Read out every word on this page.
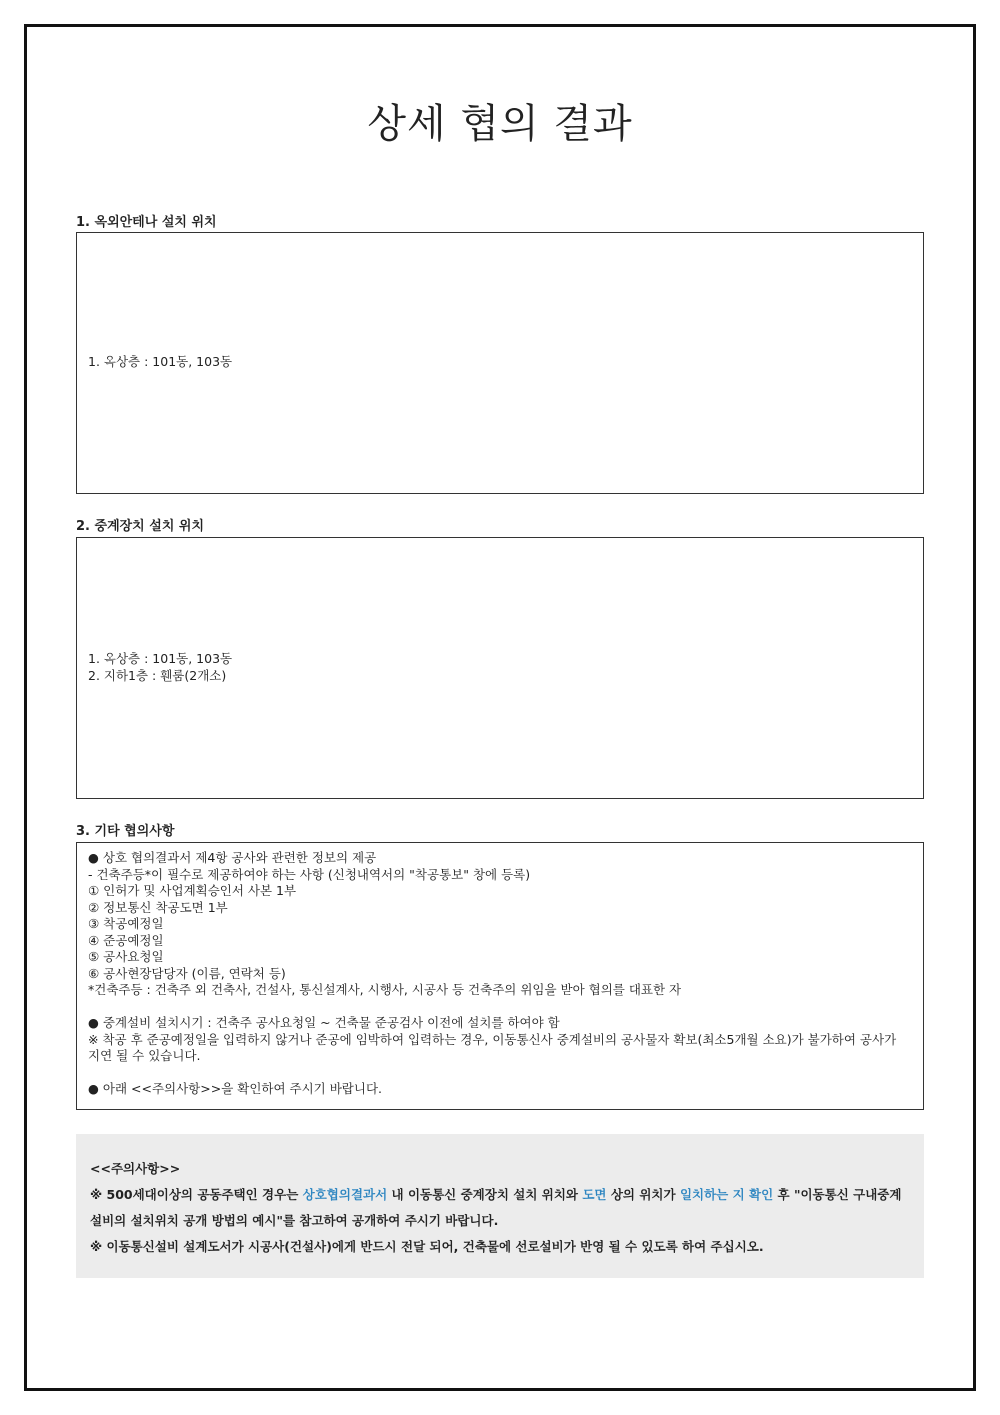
상세 협의 결과
1. 옥외안테나 설치 위치
1. 옥상층 : 101동, 103동
2. 중계장치 설치 위치
1. 옥상층 : 101동, 103동
2. 지하1층 : 휀룸(2개소)
3. 기타 협의사항
● 상호 협의결과서 제4항 공사와 관련한 정보의 제공
- 건축주등*이 필수로 제공하여야 하는 사항 (신청내역서의 "착공통보" 창에 등록)
① 인허가 및 사업계획승인서 사본 1부
② 정보통신 착공도면 1부
③ 착공예정일
④ 준공예정일
⑤ 공사요청일
⑥ 공사현장담당자 (이름, 연락처 등)
*건축주등 : 건축주 외 건축사, 건설사, 통신설계사, 시행사, 시공사 등 건축주의 위임을 받아 협의를 대표한 자
● 중계설비 설치시기 : 건축주 공사요청일 ~ 건축물 준공검사 이전에 설치를 하여야 함
※ 착공 후 준공예정일을 입력하지 않거나 준공에 임박하여 입력하는 경우, 이동통신사 중계설비의 공사물자 확보(최소5개월 소요)가 불가하여 공사가 지연 될 수 있습니다.
● 아래 <<주의사항>>을 확인하여 주시기 바랍니다.
<<주의사항>>
※ 500세대이상의 공동주택인 경우는 상호협의결과서 내 이동통신 중계장치 설치 위치와 도면 상의 위치가 일치하는 지 확인 후 "이동통신 구내중계설비의 설치위치 공개 방법의 예시"를 참고하여 공개하여 주시기 바랍니다.
※ 이동통신설비 설계도서가 시공사(건설사)에게 반드시 전달 되어, 건축물에 선로설비가 반영 될 수 있도록 하여 주십시오.
